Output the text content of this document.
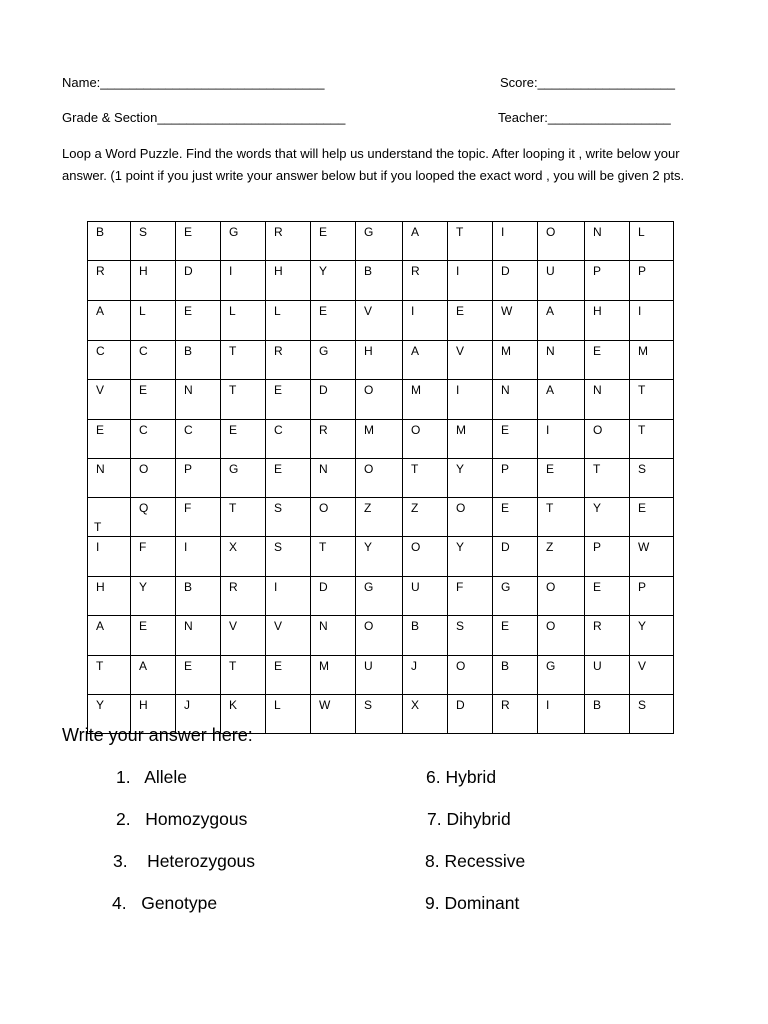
Name:_______________________________	Score:___________________
Grade & Section__________________________	Teacher:_________________
Loop a Word Puzzle. Find the words that will help us understand the topic. After looping it , write below your answer. (1 point if you just write your answer below but if you looped the exact word , you will be given 2 pts.
B	S	E	G	R	E	G	A	T	I	O	N	L

R	H	D	I	H	Y	B	R	I	D	U	P	P

A	L	E	L	L	E	V	I	E	W	A	H	I

C	C	B	T	R	G	H	A	V	M	N	E	M

V	E	N	T	E	D	O	M	I	N	A	N	T

E	C	C	E	C	R	M	O	M	E	I	O	T

N	O	P	G	E	N	O	T	Y	P	E	T	S

T	Q	F	T	S	O	Z	Z	O	E	T	Y	E

I	F	I	X	S	T	Y	O	Y	D	Z	P	W

H	Y	B	R	I	D	G	U	F	G	O	E	P

A	E	N	V	V	N	O	B	S	E	O	R	Y

T	A	E	T	E	M	U	J	O	B	G	U	V

Y	H	J	K	L	W	S	X	D	R	I	B	S
Write your answer here:
1. Allele
2. Homozygous
3. Heterozygous
4. Genotype
6. Hybrid
7. Dihybrid
8. Recessive
9. Dominant
